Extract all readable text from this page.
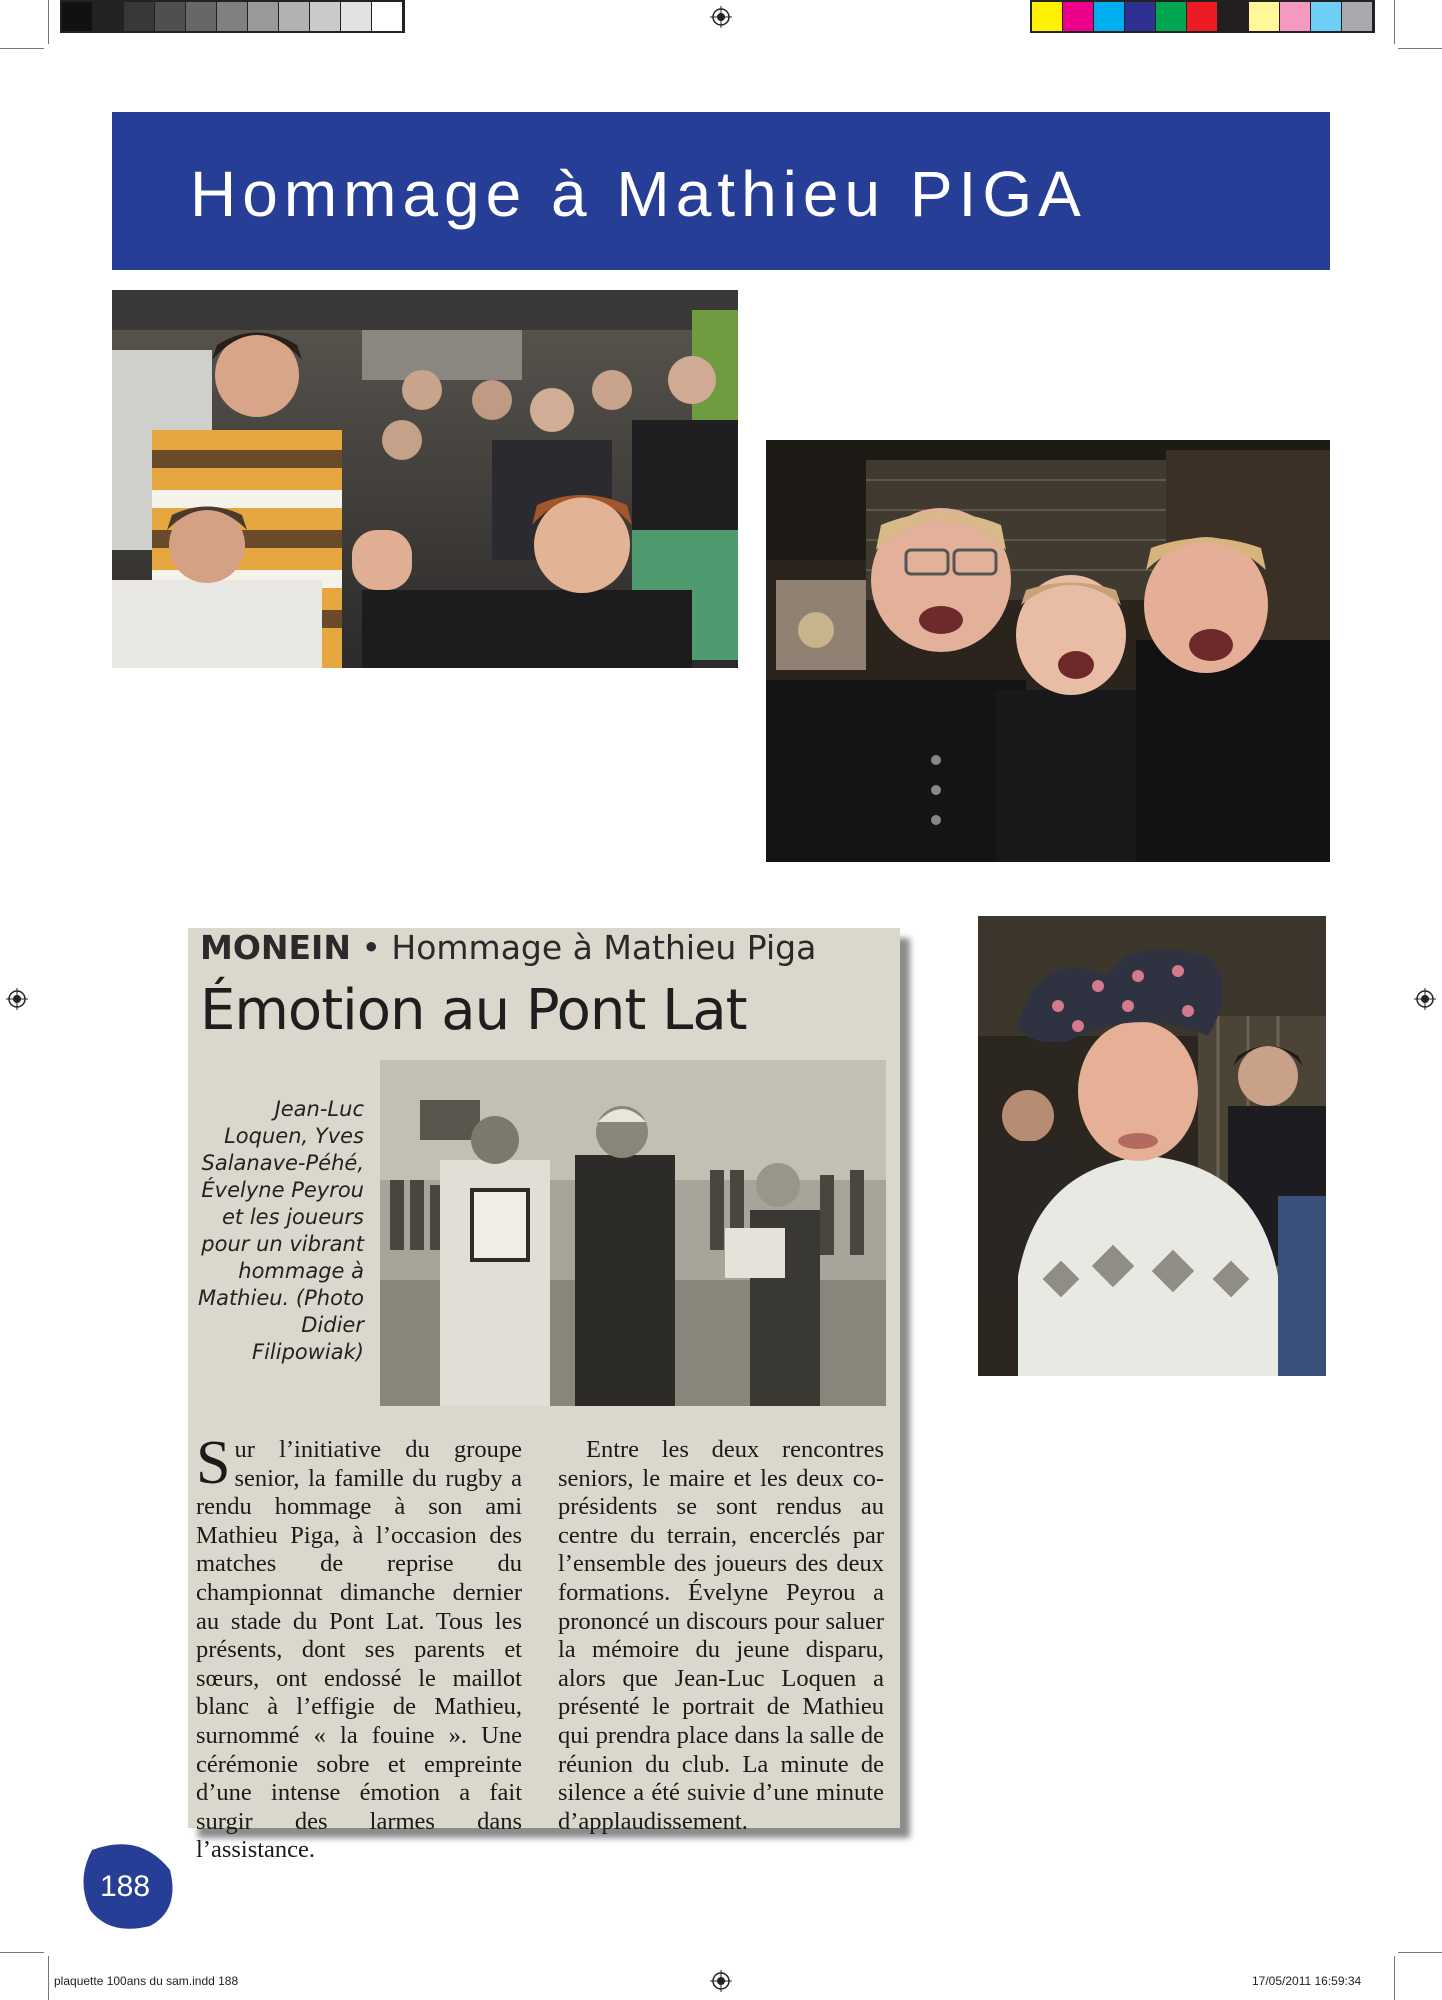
Hommage à Mathieu PIGA
MONEIN • Hommage à Mathieu Piga
Émotion au Pont Lat
Jean-Luc Loquen, Yves Salanave-Péhé, Évelyne Peyrou et les joueurs pour un vibrant hommage à Mathieu. (Photo Didier Filipowiak)
Sur l’initiative du groupe senior, la famille du rugby a rendu hommage à son ami Mathieu Piga, à l’occasion des matches de reprise du championnat dimanche dernier au stade du Pont Lat. Tous les présents, dont ses parents et sœurs, ont endossé le maillot blanc à l’effigie de Mathieu, surnommé « la fouine ». Une cérémonie sobre et empreinte d’une intense émotion a fait surgir des larmes dans l’assistance.
Entre les deux rencontres seniors, le maire et les deux co-présidents se sont rendus au centre du terrain, encerclés par l’ensemble des joueurs des deux formations. Évelyne Peyrou a prononcé un discours pour saluer la mémoire du jeune disparu, alors que Jean-Luc Loquen a présenté le portrait de Mathieu qui prendra place dans la salle de réunion du club. La minute de silence a été suivie d’une minute d’applaudissement.
188
plaquette 100ans du sam.indd 188	17/05/2011 16:59:34
